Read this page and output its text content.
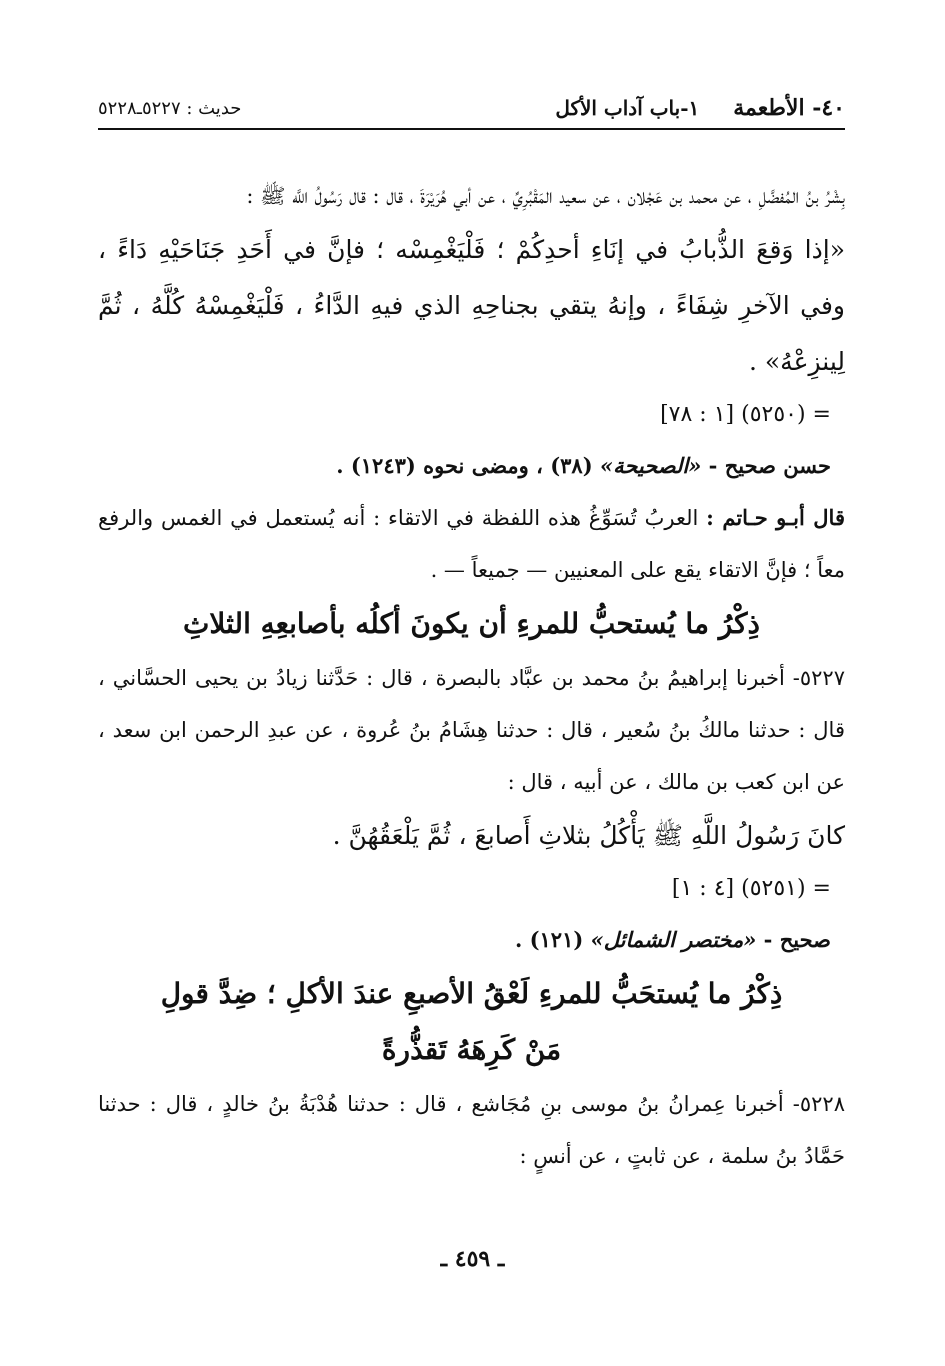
٤٠- الأطعمة
١-باب آداب الأكل
حديث : ٥٢٢٧ـ٥٢٢٨

بِشْرُ بنُ المُفضَّلِ ، عن محمد بن عَجْلان ، عن سعيد المَقْبُرِيِّ ، عن أبي هُرَيْرَةَ ، قال : قال رَسُولُ اللَّه ﷺ :

«إذا وَقعَ الذُّبابُ في إنَاءِ أحدِكُمْ ؛ فَلْيَغْمِسْه ؛ فإنَّ في أَحَدِ جَنَاحَيْهِ دَاءً ، وفي الآخرِ شِفَاءً ، وإنهُ يتقي بجناحِهِ الذي فيهِ الدَّاءُ ، فَلْيَغْمِسْهُ كُلَّهُ ، ثُمَّ لِينزِعْهُ» .

= (٥٢٥٠) [١ : ٧٨]

حسن صحيح - «الصحيحة» (٣٨) ، ومضى نحوه (١٢٤٣) .

قال أبـو حـاتم : العربُ تُسَوِّغُ هذه اللفظة في الاتقاء : أنه يُستعمل في الغمس والرفع معاً ؛ فإنَّ الاتقاء يقع على المعنيين — جميعاً — .

ذِكْرُ ما يُستحبُّ للمرءِ أن يكونَ أكلُه بأصابعِهِ الثلاثِ

٥٢٢٧- أخبرنا إبراهيمُ بنُ محمد بن عبَّاد بالبصرة ، قال : حَدَّثنا زيادُ بن يحيى الحسَّاني ، قال : حدثنا مالكُ بنُ سُعير ، قال : حدثنا هِشَامُ بنُ عُروة ، عن عبدِ الرحمن ابن سعد ، عن ابن كعب بن مالك ، عن أبيه ، قال :

كانَ رَسُولُ اللَّهِ ﷺ يَأْكُلُ بثلاثِ أَصابعَ ، ثُمَّ يَلْعَقُهُنَّ .

= (٥٢٥١) [٤ : ١]

صحيح - «مختصر الشمائل» (١٢١) .

ذِكْرُ ما يُستحَبُّ للمرءِ لَعْقُ الأصبعِ عندَ الأكلِ ؛ ضِدَّ قولِ
مَنْ كَرِهَهُ تَقذُّرةً

٥٢٢٨- أخبرنا عِمرانُ بنُ موسى بنِ مُجَاشع ، قال : حدثنا هُدْبَةُ بنُ خالدٍ ، قال : حدثنا حَمَّادُ بنُ سلمة ، عن ثابتٍ ، عن أنسٍ :

ـ ٤٥٩ ـ
